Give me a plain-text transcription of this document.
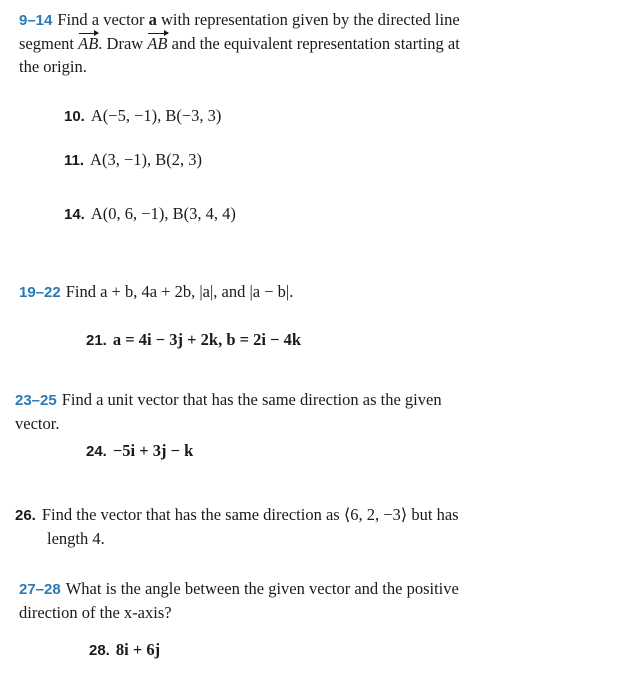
9–14 Find a vector a with representation given by the directed line
segment AB. Draw AB and the equivalent representation starting at
the origin.
10. A(−5, −1), B(−3, 3)
11. A(3, −1), B(2, 3)
14. A(0, 6, −1), B(3, 4, 4)
19–22 Find a + b, 4a + 2b, |a|, and |a − b|.
21. a = 4i − 3j + 2k, b = 2i − 4k
23–25 Find a unit vector that has the same direction as the given
vector.
24. −5i + 3j − k
26. Find the vector that has the same direction as ⟨6, 2, −3⟩ but has
length 4.
27–28 What is the angle between the given vector and the positive
direction of the x-axis?
28. 8i + 6j
